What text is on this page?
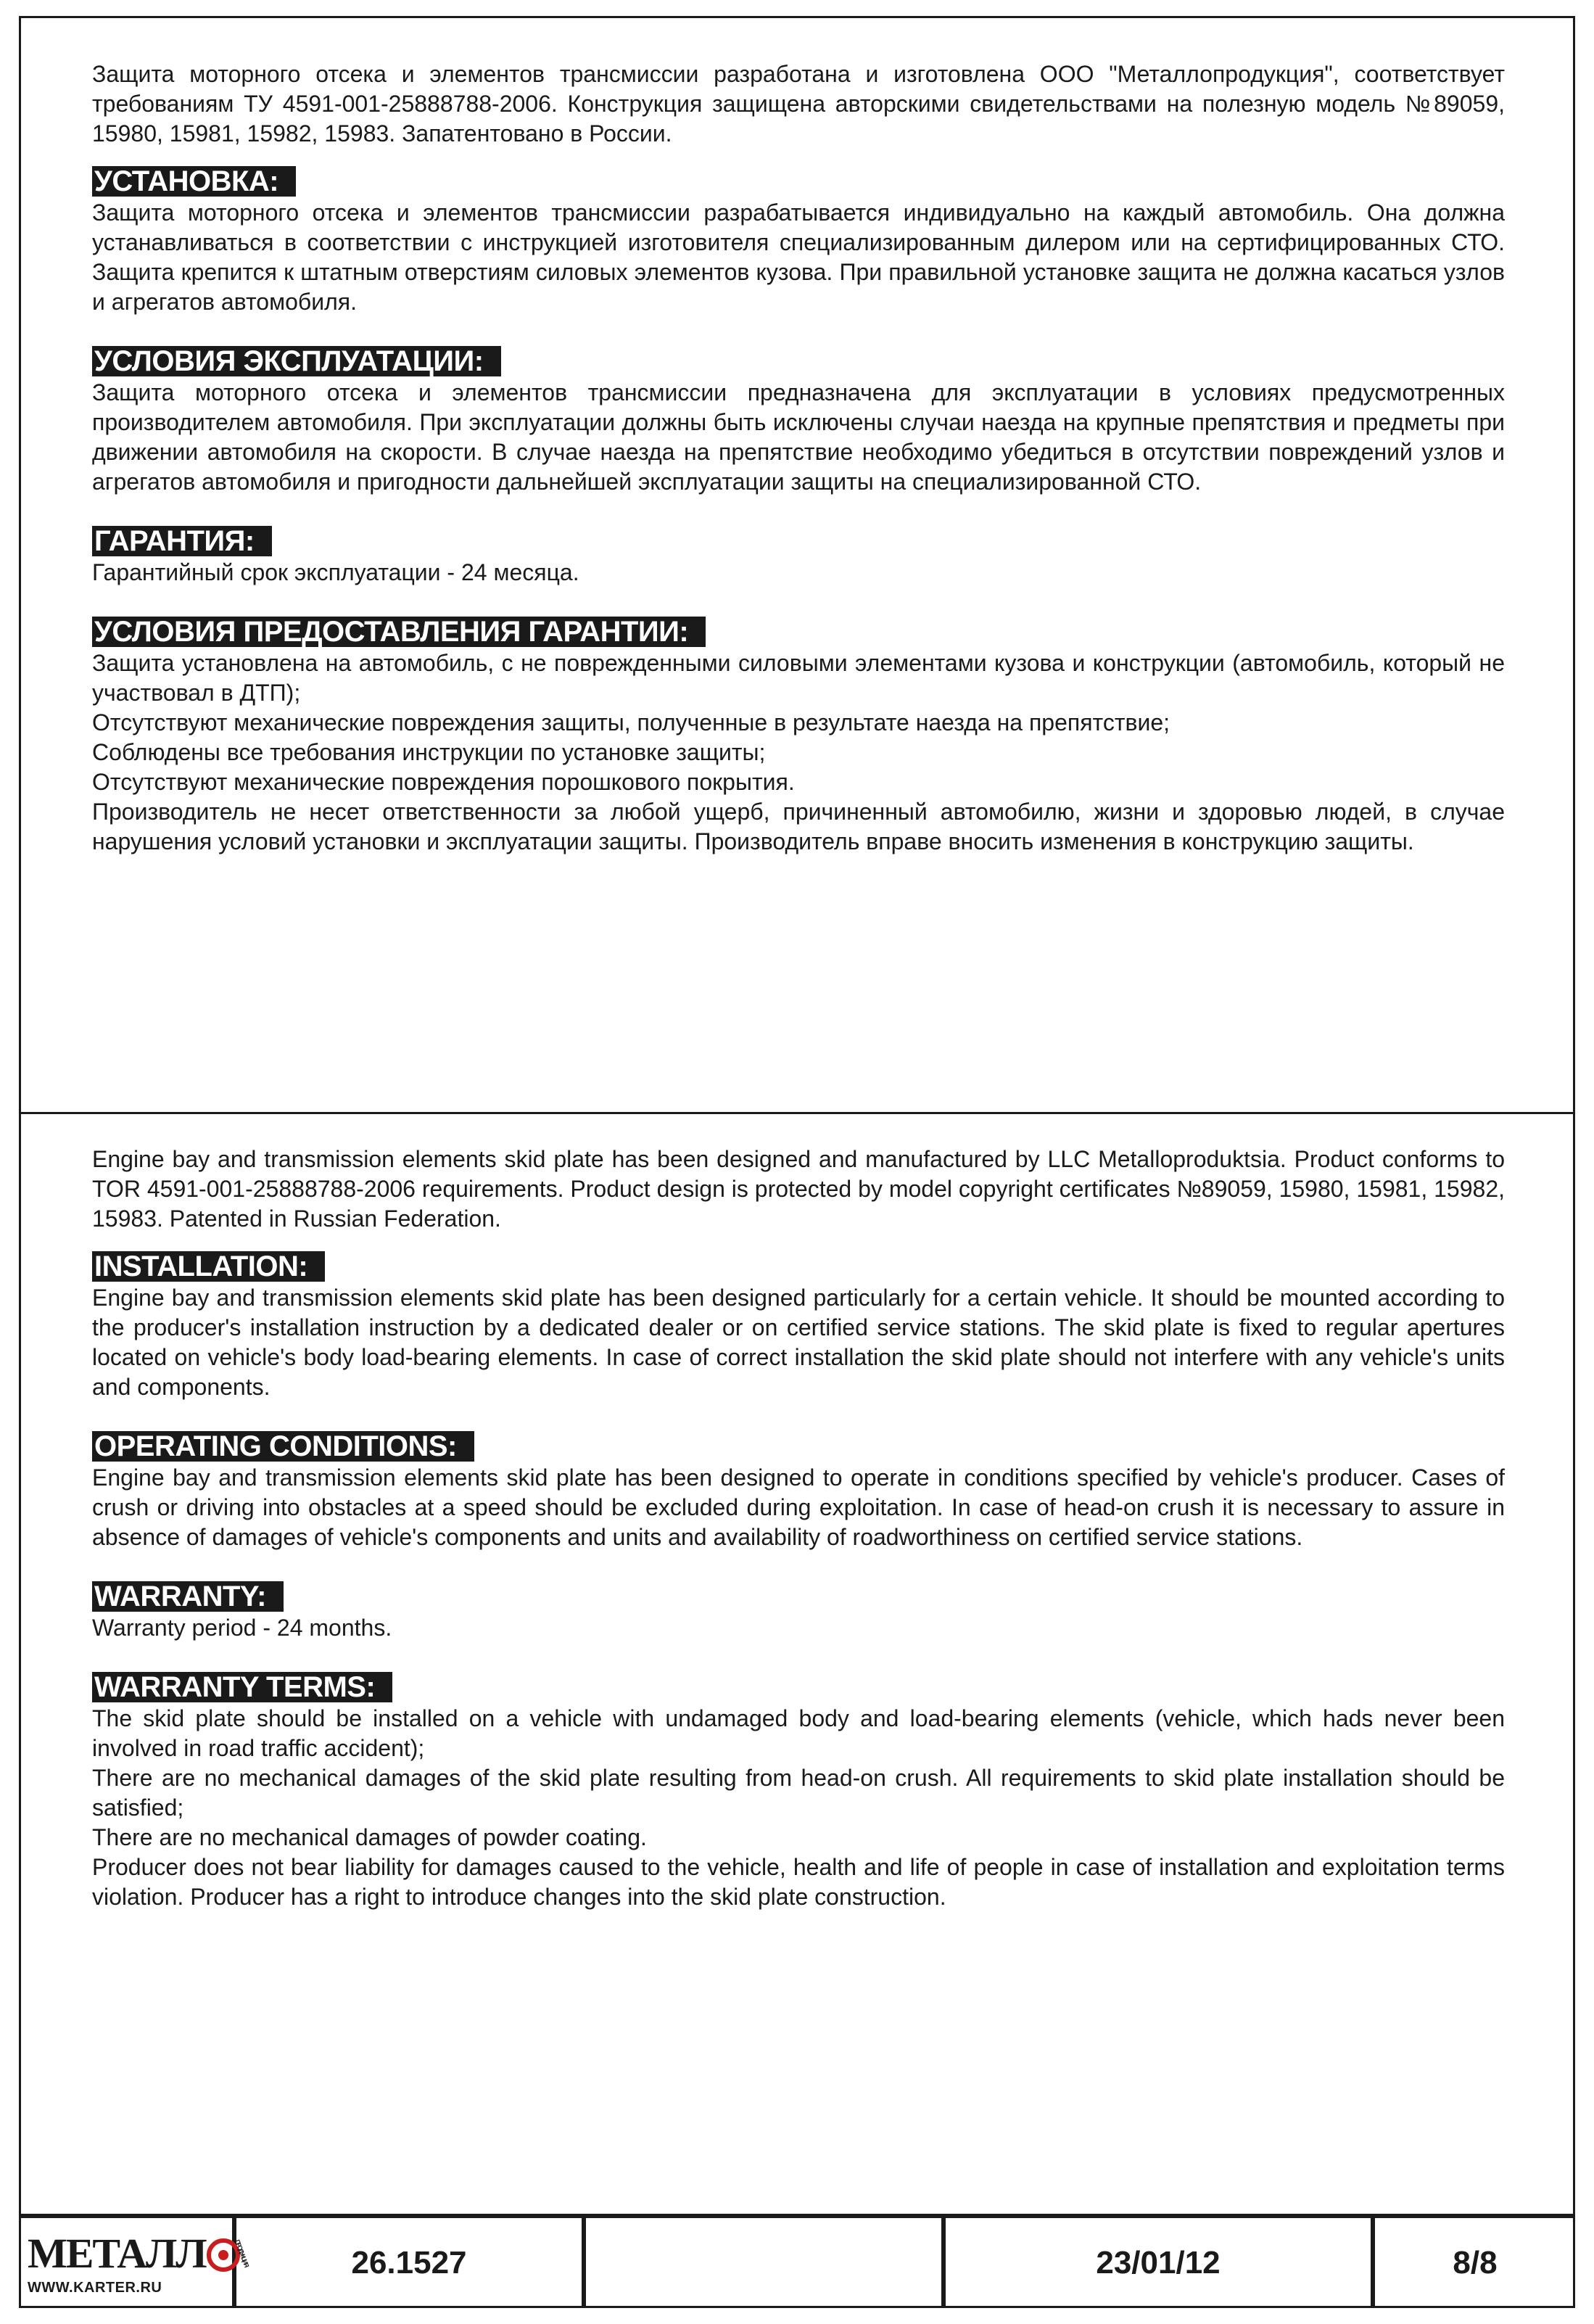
Защита моторного отсека и элементов трансмиссии разработана и изготовлена ООО "Металлопродукция", соответствует требованиям ТУ 4591-001-25888788-2006. Конструкция защищена авторскими свидетельствами на полезную модель №89059, 15980, 15981, 15982, 15983. Запатентовано в России.

УСТАНОВКА:

Защита моторного отсека и элементов трансмиссии разрабатывается индивидуально на каждый автомобиль. Она должна устанавливаться в соответствии с инструкцией изготовителя специализированным дилером или на сертифицированных СТО. Защита крепится к штатным отверстиям силовых элементов кузова. При правильной установке защита не должна касаться узлов и агрегатов автомобиля.

УСЛОВИЯ ЭКСПЛУАТАЦИИ:

Защита моторного отсека и элементов трансмиссии предназначена для эксплуатации в условиях предусмотренных производителем автомобиля. При эксплуатации должны быть исключены случаи наезда на крупные препятствия и предметы при движении автомобиля на скорости. В случае наезда на препятствие необходимо убедиться в отсутствии повреждений узлов и агрегатов автомобиля и пригодности дальнейшей эксплуатации защиты на специализированной СТО.

ГАРАНТИЯ:

Гарантийный срок эксплуатации - 24 месяца.

УСЛОВИЯ ПРЕДОСТАВЛЕНИЯ ГАРАНТИИ:

Защита установлена на автомобиль, с не поврежденными силовыми элементами кузова и конструкции (автомобиль, который не участвовал в ДТП);

Отсутствуют механические повреждения защиты, полученные в результате наезда на препятствие;

Соблюдены все требования инструкции по установке защиты;

Отсутствуют механические повреждения порошкового покрытия.

Производитель не несет ответственности за любой ущерб, причиненный автомобилю, жизни и здоровью людей, в случае нарушения условий установки и эксплуатации защиты. Производитель вправе вносить изменения в конструкцию защиты.

Engine bay and transmission elements skid plate has been designed and manufactured by LLC Metalloproduktsia. Product conforms to TOR 4591-001-25888788-2006 requirements. Product design is protected by model copyright certificates №89059, 15980, 15981, 15982, 15983. Patented in Russian Federation.

INSTALLATION:

Engine bay and transmission elements skid plate has been designed particularly for a certain vehicle. It should be mounted according to the producer's installation instruction by a dedicated dealer or on certified service stations. The skid plate is fixed to regular apertures located on vehicle's body load-bearing elements. In case of correct installation the skid plate should not interfere with any vehicle's units and components.

OPERATING CONDITIONS:

Engine bay and transmission elements skid plate has been designed to operate in conditions specified by vehicle's producer. Cases of crush or driving into obstacles at a speed should be excluded during exploitation. In case of head-on crush it is necessary to assure in absence of damages of vehicle's components and units and availability of roadworthiness on certified service stations.

WARRANTY:

Warranty period - 24 months.

WARRANTY TERMS:

The skid plate should be installed on a vehicle with undamaged body and load-bearing elements (vehicle, which hads never been involved in road traffic accident);

There are no mechanical damages of the skid plate resulting from head-on crush. All requirements to skid plate installation should be satisfied;

There are no mechanical damages of powder coating.

Producer does not bear liability for damages caused to the vehicle, health and life of people in case of installation and exploitation terms violation. Producer has a right to introduce changes into the skid plate construction.

МЕТАЛЛ	ПРОДУКЦИЯ
WWW.KARTER.RU
26.1527	23/01/12	8/8
